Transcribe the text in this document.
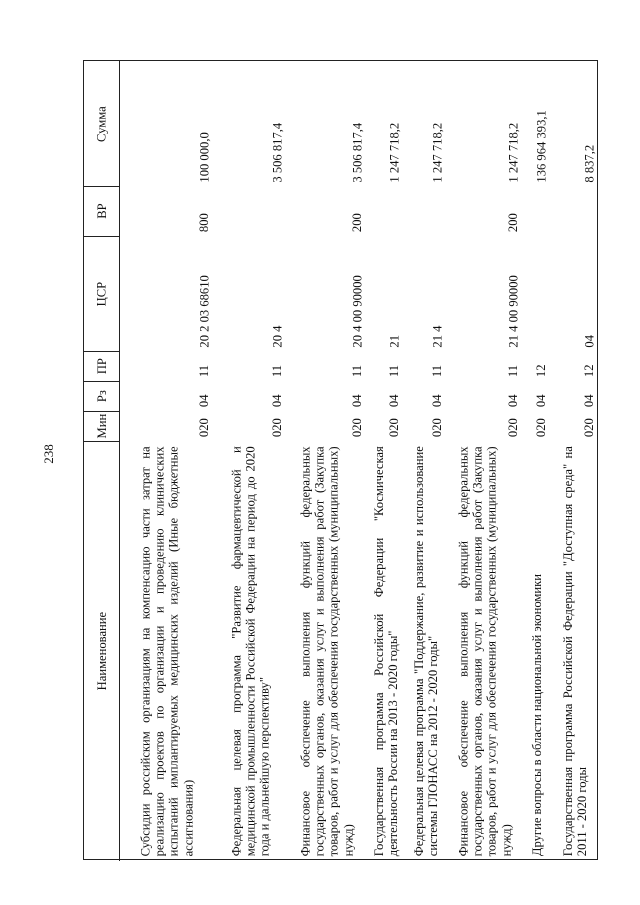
238
Сумма
ВР
ЦСР
ПР
Рз
Мин
Наименование Субсидии российским организациям на компенсацию части затрат на реализацию проектов по организации и проведению клинических испытаний имплантируемых медицинских изделий (Иные бюджетные ассигнования)
020
04
11
20 2 03 68610
800
100 000,0
Федеральная целевая программа "Развитие фармацевтической и медицинской промышленности Российской Федерации на период до 2020 года и дальнейшую перспективу"
020
04
11
20 4
3 506 817,4
Финансовое обеспечение выполнения функций федеральных государственных органов, оказания услуг и выполнения работ (Закупка товаров, работ и услуг для обеспечения государственных (муниципальных) нужд)
020
04
11
20 4 00 90000
200
3 506 817,4
Государственная программа Российской Федерации "Космическая деятельность России на 2013 - 2020 годы"
020
04
11
21
1 247 718,2
Федеральная целевая программа "Поддержание, развитие и использование системы ГЛОНАСС на 2012 - 2020 годы"
020
04
11
21 4
1 247 718,2
Финансовое обеспечение выполнения функций федеральных государственных органов, оказания услуг и выполнения работ (Закупка товаров, работ и услуг для обеспечения государственных (муниципальных) нужд)
020
04
11
21 4 00 90000
200
1 247 718,2
Другие вопросы в области национальной экономики
020
04
12
136 964 393,1
Государственная программа Российской Федерации "Доступная среда" на 2011 - 2020 годы
020
04
12
04
8 837,2
